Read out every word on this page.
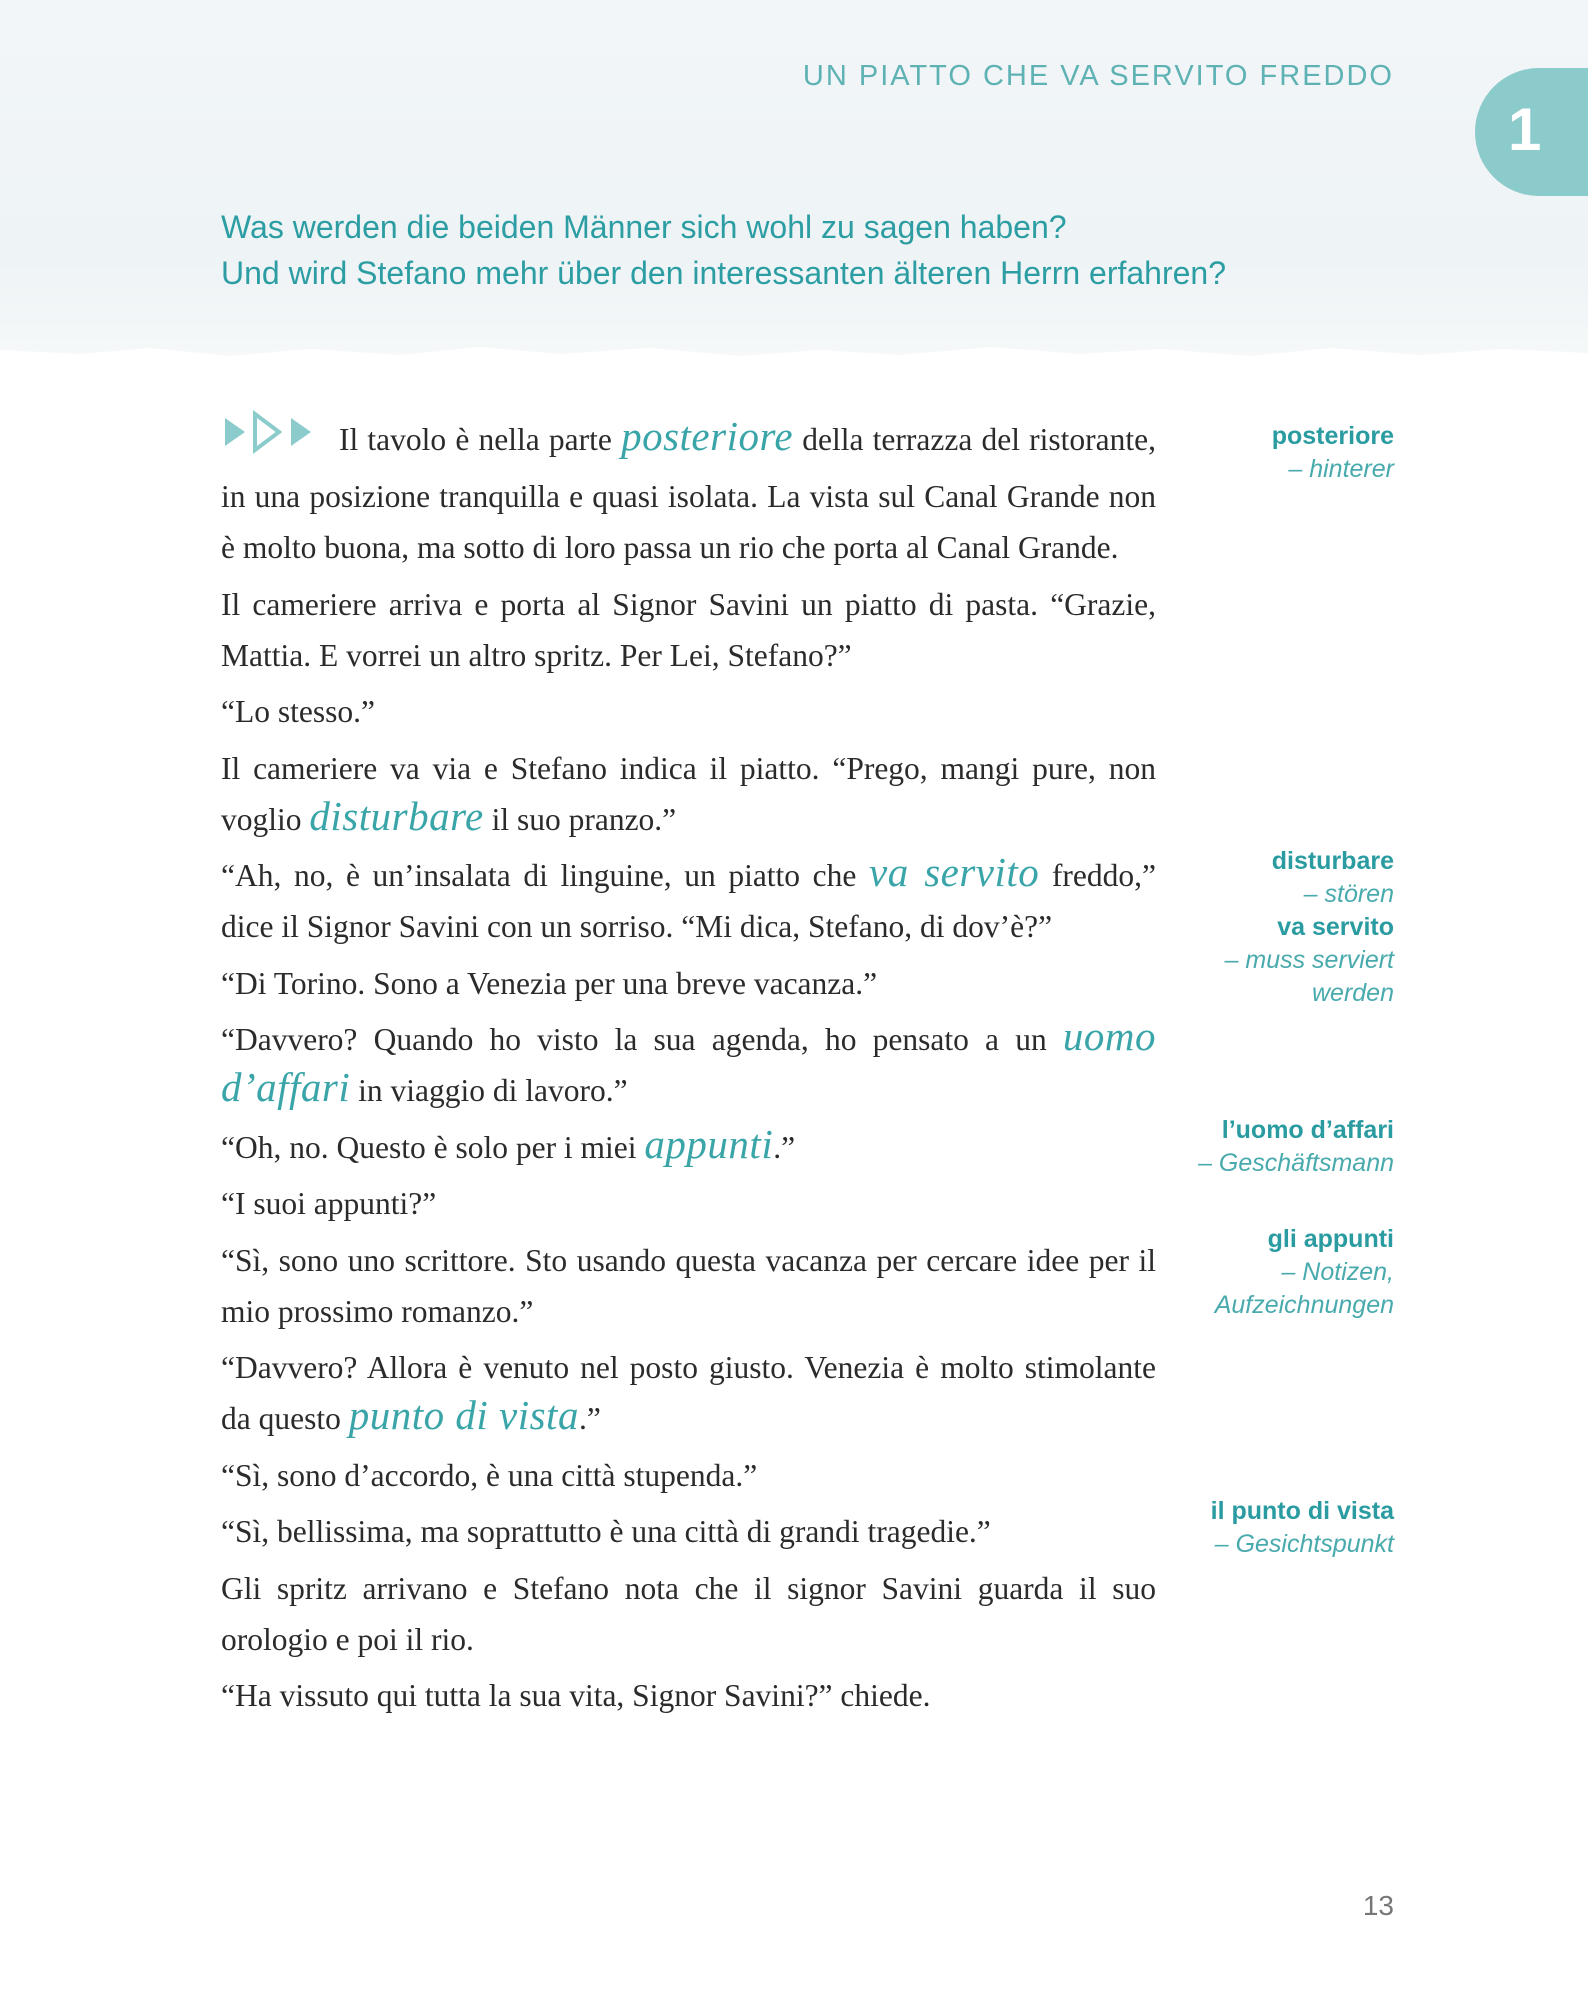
UN PIATTO CHE VA SERVITO FREDDO
1
Was werden die beiden Männer sich wohl zu sagen haben?
Und wird Stefano mehr über den interessanten älteren Herrn erfahren?

Il tavolo è nella parte posteriore della terrazza del ristorante, in una posizione tranquilla e quasi isolata. La vista sul Canal Grande non è molto buona, ma sotto di loro passa un rio che porta al Canal Grande.

Il cameriere arriva e porta al Signor Savini un piatto di pasta. “Grazie, Mattia. E vorrei un altro spritz. Per Lei, Stefano?”

“Lo stesso.”

Il cameriere va via e Stefano indica il piatto. “Prego, mangi pure, non voglio disturbare il suo pranzo.”

“Ah, no, è un’insalata di linguine, un piatto che va servito freddo,” dice il Signor Savini con un sorriso. “Mi dica, Stefano, di dov’è?”

“Di Torino. Sono a Venezia per una breve vacanza.”

“Davvero? Quando ho visto la sua agenda, ho pensato a un uomo d’affari in viaggio di lavoro.”

“Oh, no. Questo è solo per i miei appunti.”

“I suoi appunti?”

“Sì, sono uno scrittore. Sto usando questa vacanza per cercare idee per il mio prossimo romanzo.”

“Davvero? Allora è venuto nel posto giusto. Venezia è molto stimolante da questo punto di vista.”

“Sì, sono d’accordo, è una città stupenda.”

“Sì, bellissima, ma soprattutto è una città di grandi tragedie.”

Gli spritz arrivano e Stefano nota che il signor Savini guarda il suo orologio e poi il rio.

“Ha vissuto qui tutta la sua vita, Signor Savini?” chiede.

posteriore
– hinterer
disturbare
– stören
va servito
– muss serviert
werden
l’uomo d’affari
– Geschäftsmann
gli appunti
– Notizen,
Aufzeichnungen
il punto di vista
– Gesichtspunkt
13
